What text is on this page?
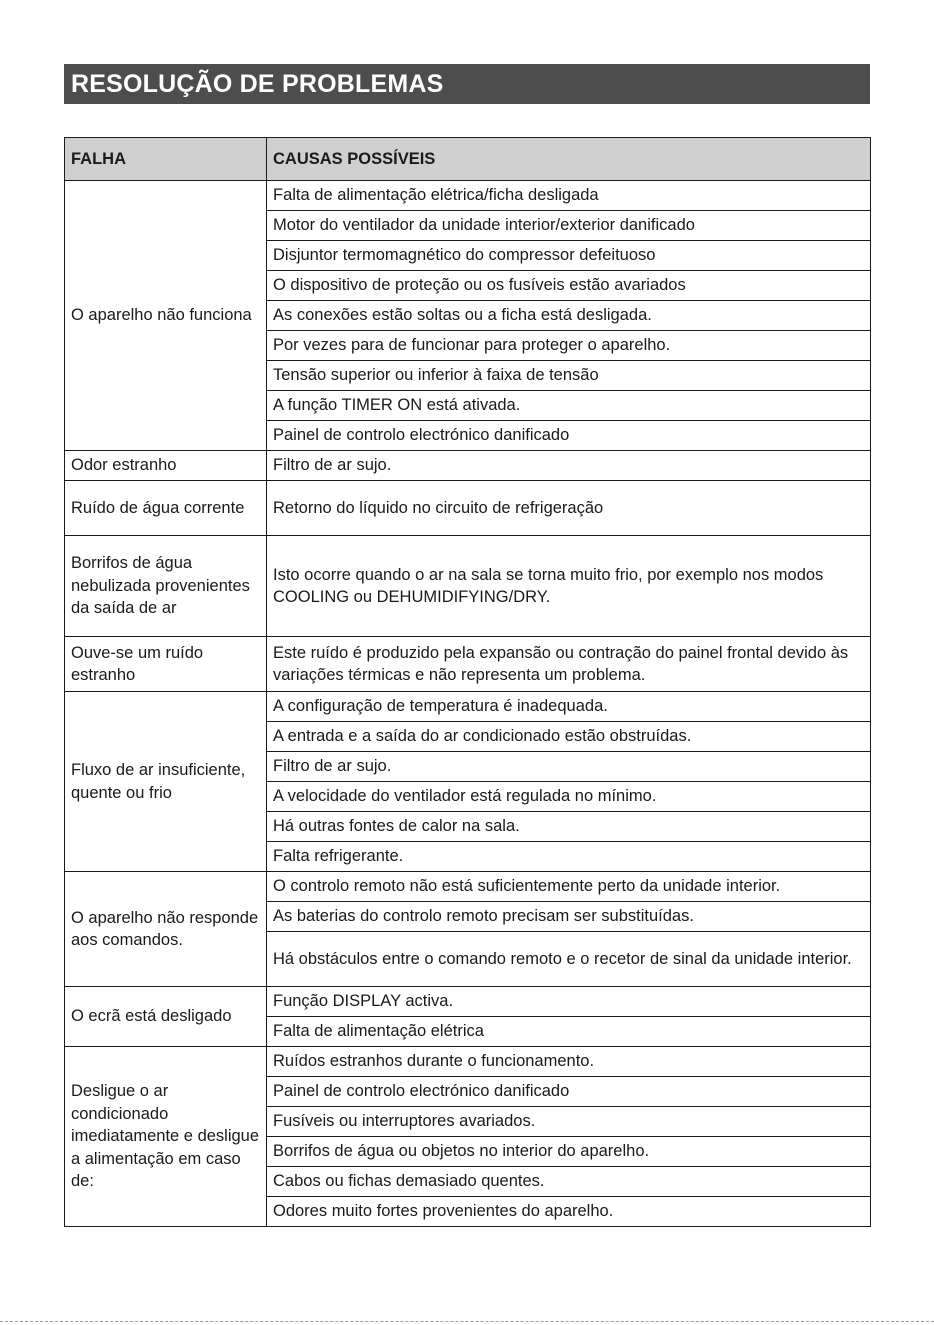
RESOLUÇÃO DE PROBLEMAS
FALHA	CAUSAS POSSÍVEIS
O aparelho não funciona	Falta de alimentação elétrica/ficha desligada
	Motor do ventilador da unidade interior/exterior danificado
	Disjuntor termomagnético do compressor defeituoso
	O dispositivo de proteção ou os fusíveis estão avariados
	As conexões estão soltas ou a ficha está desligada.
	Por vezes para de funcionar para proteger o aparelho.
	Tensão superior ou inferior à faixa de tensão
	A função TIMER ON está ativada.
	Painel de controlo electrónico danificado
Odor estranho	Filtro de ar sujo.
Ruído de água corrente	Retorno do líquido no circuito de refrigeração
Borrifos de água nebulizada provenientes da saída de ar	Isto ocorre quando o ar na sala se torna muito frio, por exemplo nos modos COOLING ou DEHUMIDIFYING/DRY.
Ouve-se um ruído estranho	Este ruído é produzido pela expansão ou contração do painel frontal devido às variações térmicas e não representa um problema.
Fluxo de ar insuficiente, quente ou frio	A configuração de temperatura é inadequada.
	A entrada e a saída do ar condicionado estão obstruídas.
	Filtro de ar sujo.
	A velocidade do ventilador está regulada no mínimo.
	Há outras fontes de calor na sala.
	Falta refrigerante.
O aparelho não responde aos comandos.	O controlo remoto não está suficientemente perto da unidade interior.
	As baterias do controlo remoto precisam ser substituídas.
	Há obstáculos entre o comando remoto e o recetor de sinal da unidade interior.
O ecrã está desligado	Função DISPLAY activa.
	Falta de alimentação elétrica
Desligue o ar condicionado imediatamente e desligue a alimentação em caso de:	Ruídos estranhos durante o funcionamento.
	Painel de controlo electrónico danificado
	Fusíveis ou interruptores avariados.
	Borrifos de água ou objetos no interior do aparelho.
	Cabos ou fichas demasiado quentes.
	Odores muito fortes provenientes do aparelho.
